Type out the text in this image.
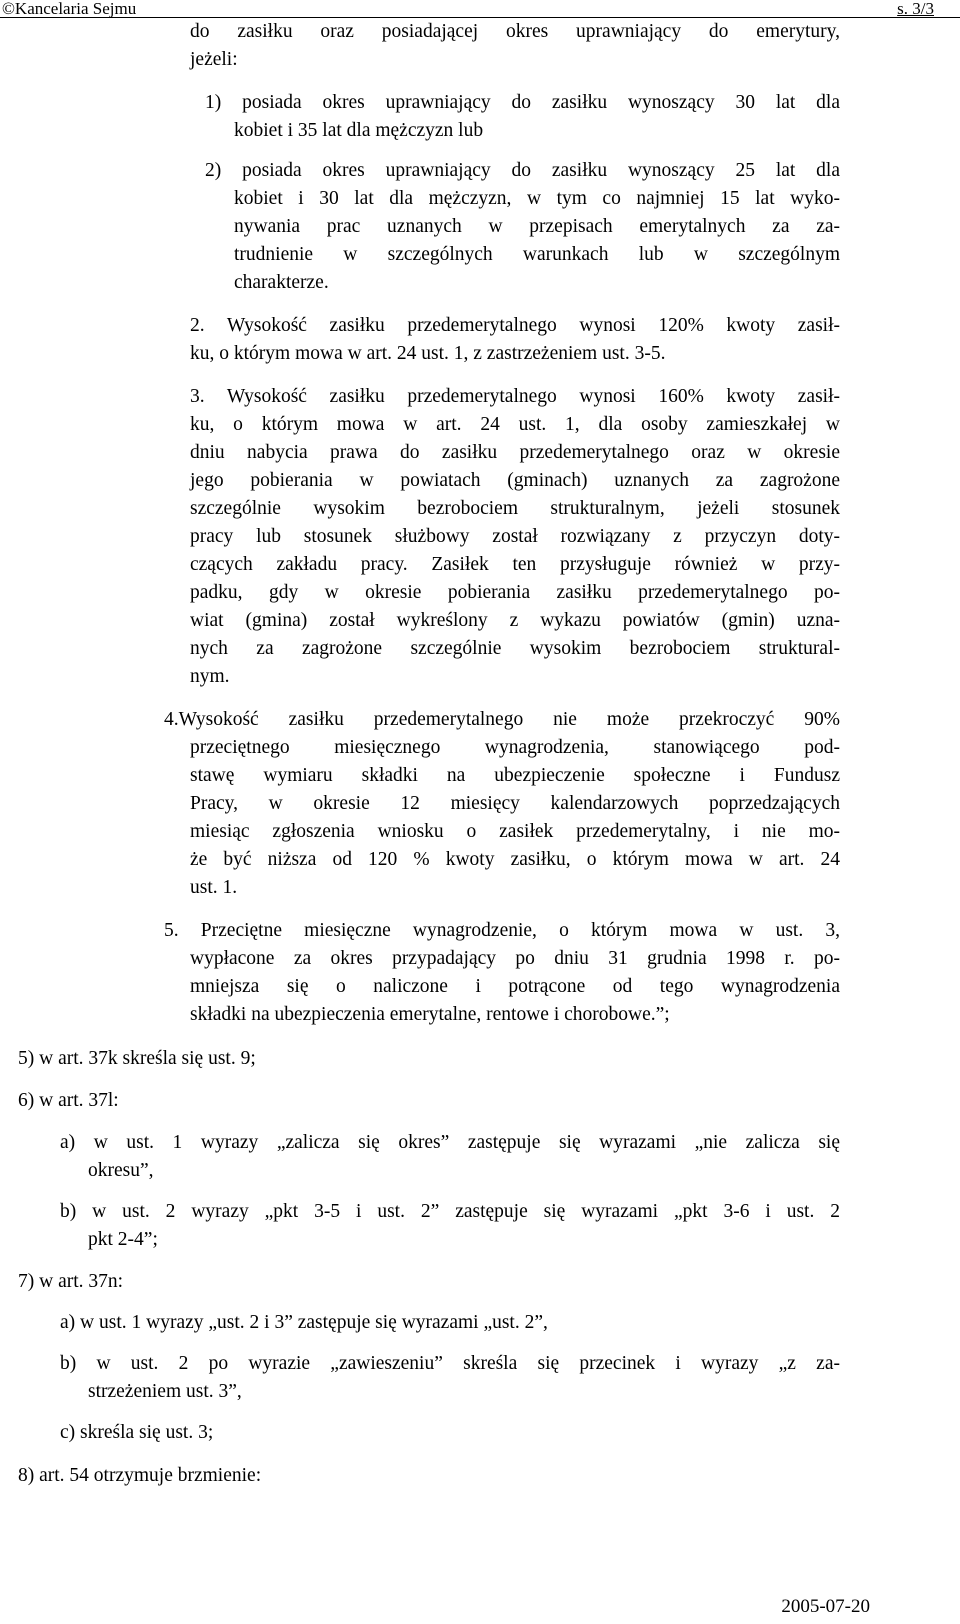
©Kancelaria Sejmu	s. 3/3
do zasiłku oraz posiadającej okres uprawniający do emerytury,
jeżeli:
1) posiada okres uprawniający do zasiłku wynoszący 30 lat dla
kobiet i 35 lat dla mężczyzn lub
2) posiada okres uprawniający do zasiłku wynoszący 25 lat dla
kobiet i 30 lat dla mężczyzn, w tym co najmniej 15 lat wyko-
nywania prac uznanych w przepisach emerytalnych za za-
trudnienie w szczególnych warunkach lub w szczególnym
charakterze.
2. Wysokość zasiłku przedemerytalnego wynosi 120% kwoty zasił-
ku, o którym mowa w art. 24 ust. 1, z zastrzeżeniem ust. 3-5.
3. Wysokość zasiłku przedemerytalnego wynosi 160% kwoty zasił-
ku, o którym mowa w art. 24 ust. 1, dla osoby zamieszkałej w
dniu nabycia prawa do zasiłku przedemerytalnego oraz w okresie
jego pobierania w powiatach (gminach) uznanych za zagrożone
szczególnie wysokim bezrobociem strukturalnym, jeżeli stosunek
pracy lub stosunek służbowy został rozwiązany z przyczyn doty-
czących zakładu pracy. Zasiłek ten przysługuje również w przy-
padku, gdy w okresie pobierania zasiłku przedemerytalnego po-
wiat (gmina) został wykreślony z wykazu powiatów (gmin) uzna-
nych za zagrożone szczególnie wysokim bezrobociem struktural-
nym.
4.Wysokość zasiłku przedemerytalnego nie może przekroczyć 90%
przeciętnego miesięcznego wynagrodzenia, stanowiącego pod-
stawę wymiaru składki na ubezpieczenie społeczne i Fundusz
Pracy, w okresie 12 miesięcy kalendarzowych poprzedzających
miesiąc zgłoszenia wniosku o zasiłek przedemerytalny, i nie mo-
że być niższa od 120 % kwoty zasiłku, o którym mowa w art. 24
ust. 1.
5. Przeciętne miesięczne wynagrodzenie, o którym mowa w ust. 3,
wypłacone za okres przypadający po dniu 31 grudnia 1998 r. po-
mniejsza się o naliczone i potrącone od tego wynagrodzenia
składki na ubezpieczenia emerytalne, rentowe i chorobowe.”;
5) w art. 37k skreśla się ust. 9;
6) w art. 37l:
a) w ust. 1 wyrazy „zalicza się okres” zastępuje się wyrazami „nie zalicza się
okresu”,
b) w ust. 2 wyrazy „pkt 3-5 i ust. 2” zastępuje się wyrazami „pkt 3-6 i ust. 2
pkt 2-4”;
7) w art. 37n:
a) w ust. 1 wyrazy „ust. 2 i 3” zastępuje się wyrazami „ust. 2”,
b) w ust. 2 po wyrazie „zawieszeniu” skreśla się przecinek i wyrazy „z za-
strzeżeniem ust. 3”,
c) skreśla się ust. 3;
8) art. 54 otrzymuje brzmienie:
2005-07-20
